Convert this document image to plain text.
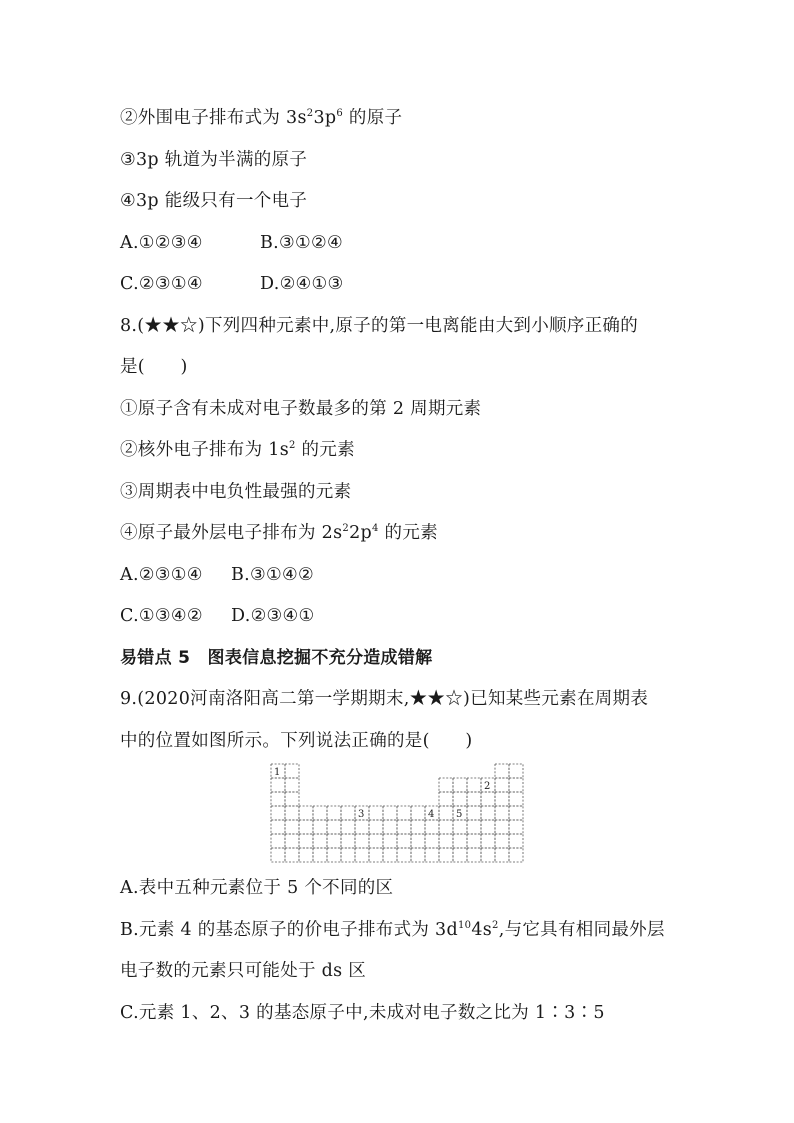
②外围电子排布式为 $3s^23p^6$ 的原子
③3p 轨道为半满的原子
④3p 能级只有一个电子
A.①②③④	B.③①②④
C.②③①④	D.②④①③
8.(★★☆)下列四种元素中,原子的第一电离能由大到小顺序正确的
是(　　)
①原子含有未成对电子数最多的第 2 周期元素
②核外电子排布为 $1s^2$ 的元素
③周期表中电负性最强的元素
④原子最外层电子排布为 $2s^22p^4$ 的元素
A.②③①④ B.③①④②
C.①③④② D.②③④①
易错点 5　图表信息挖掘不充分造成错解
9.(2020河南洛阳高二第一学期期末,★★☆)已知某些元素在周期表
中的位置如图所示。下列说法正确的是(　　)
1
2
3	4 5
A.表中五种元素位于 5 个不同的区
B.元素 4 的基态原子的价电子排布式为 $3d^{10}4s^2$,与它具有相同最外层
电子数的元素只可能处于 ds 区
C.元素 1、2、3 的基态原子中,未成对电子数之比为 1∶3∶5
